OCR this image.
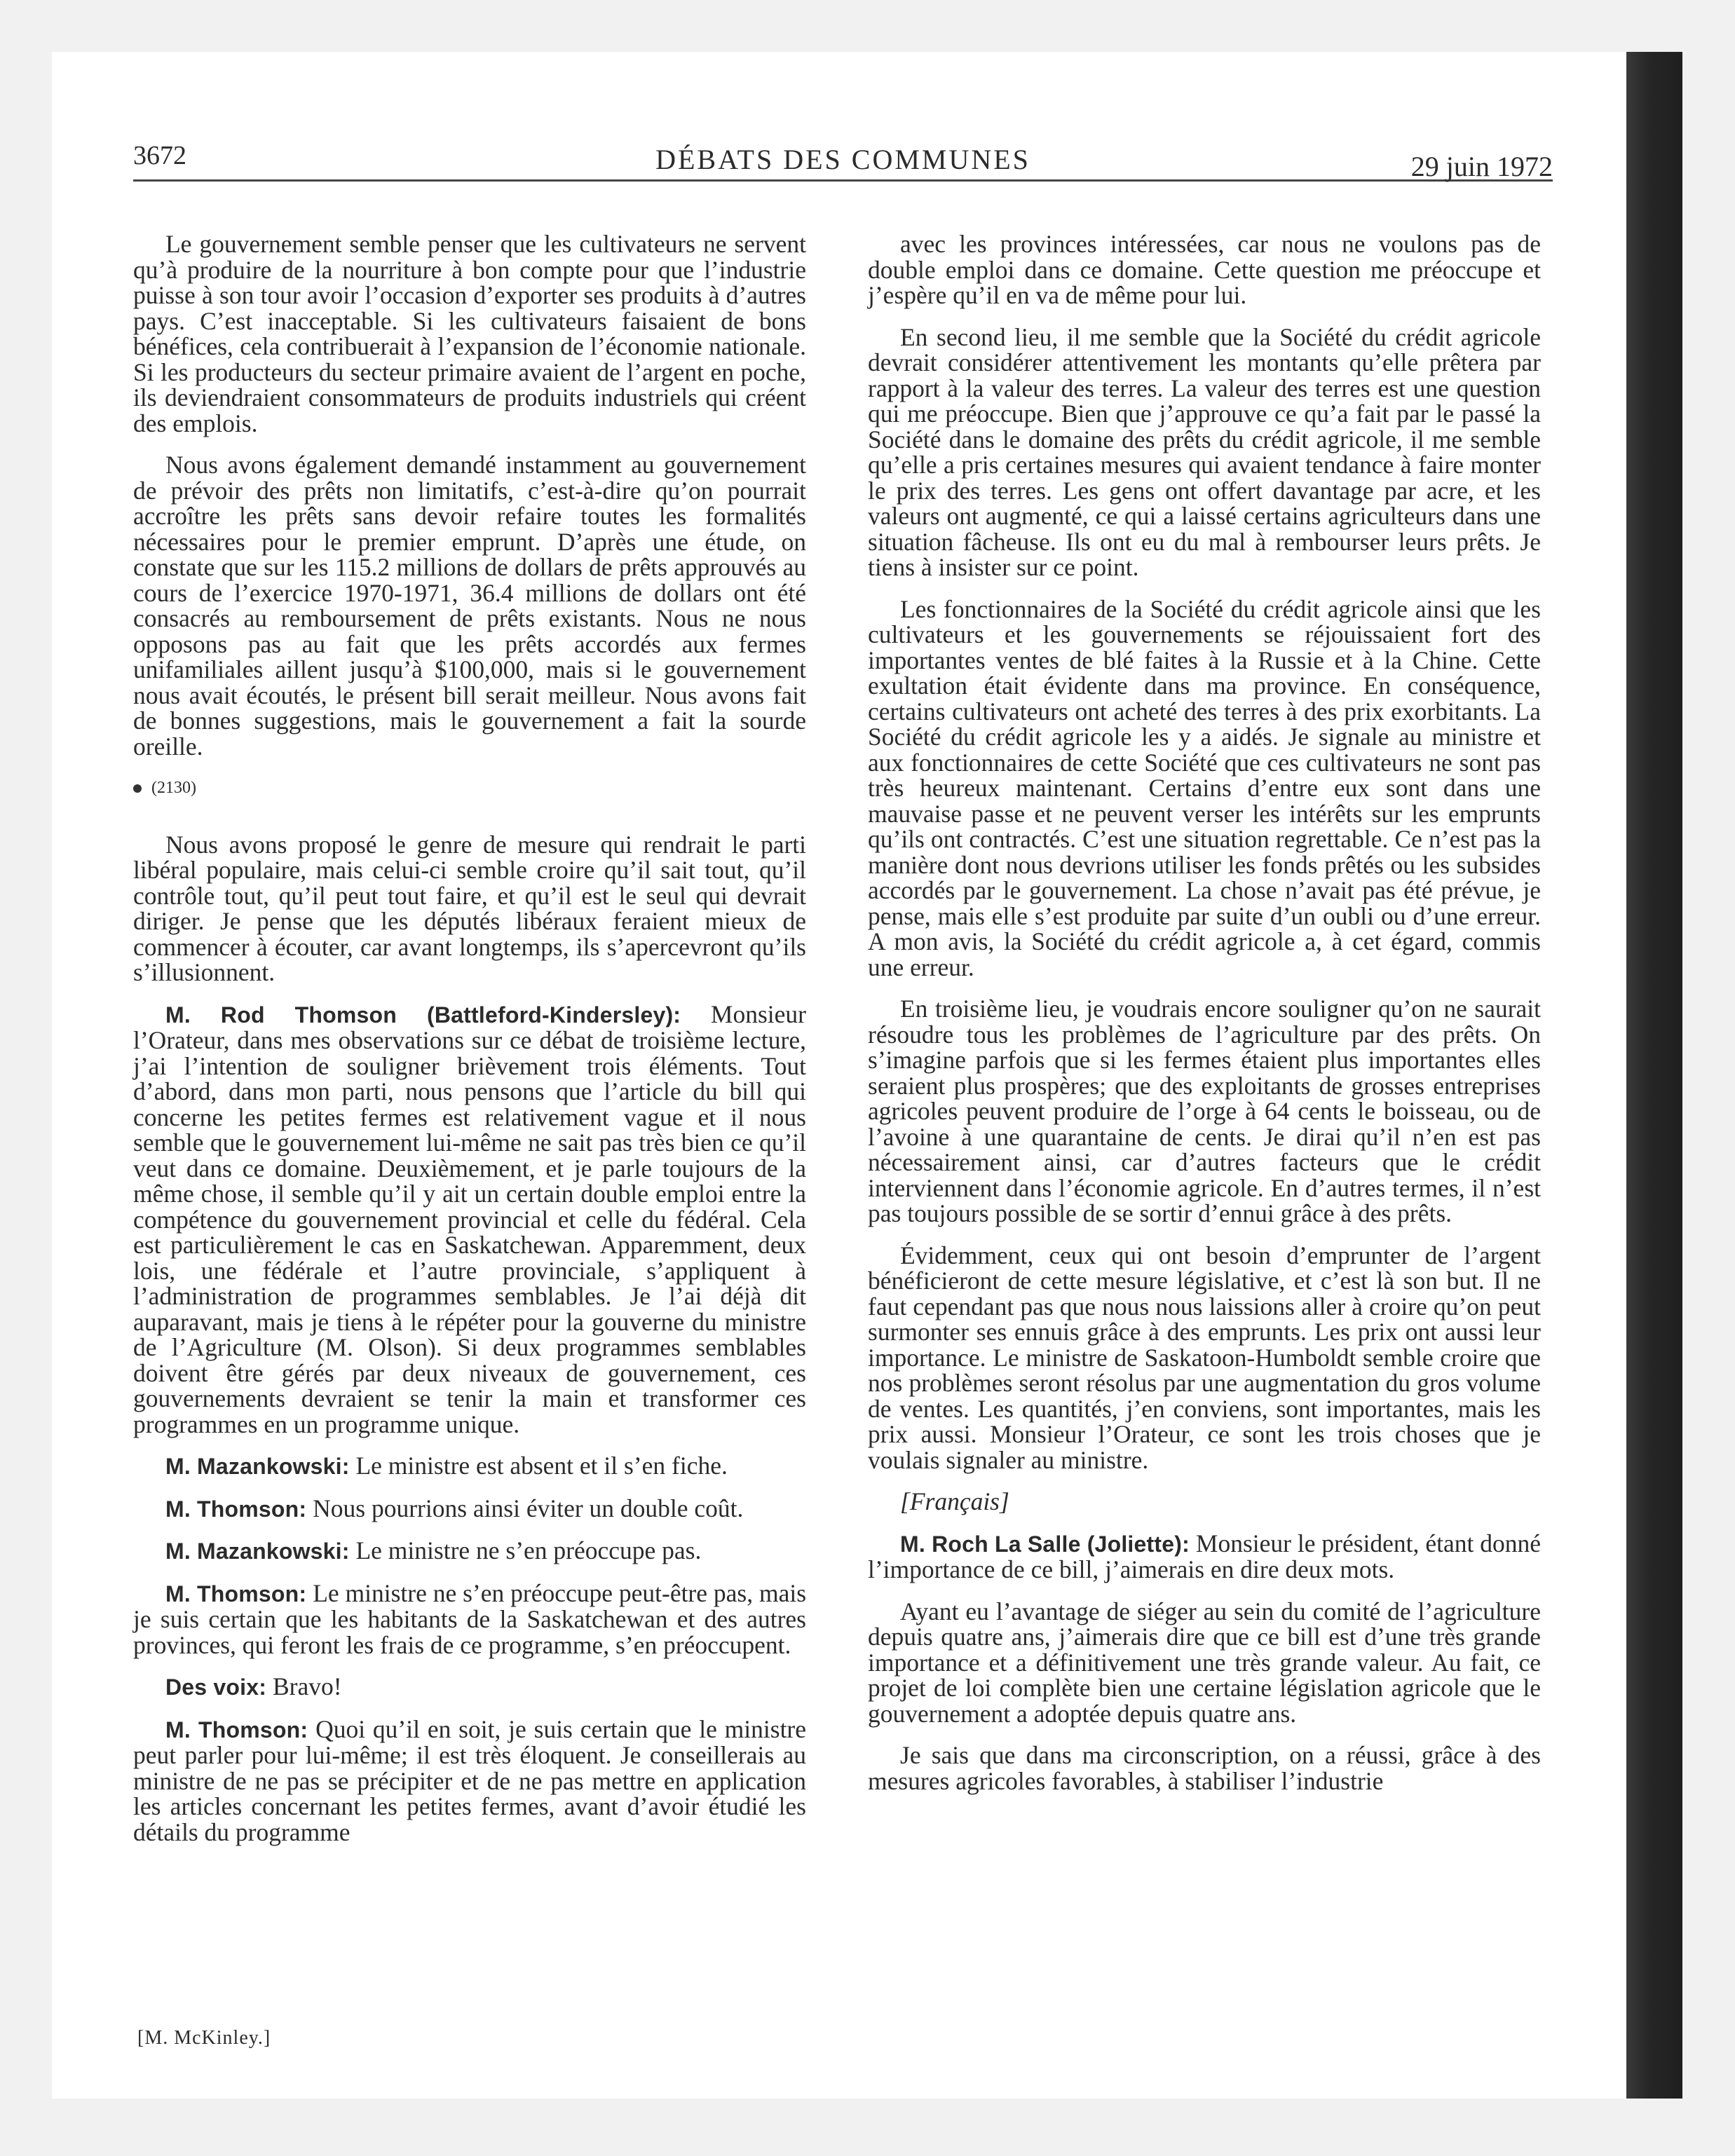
3672	DÉBATS DES COMMUNES	29 juin 1972

Le gouvernement semble penser que les cultivateurs ne servent qu’à produire de la nourriture à bon compte pour que l’industrie puisse à son tour avoir l’occasion d’exporter ses produits à d’autres pays. C’est inacceptable. Si les cultivateurs faisaient de bons bénéfices, cela contribuerait à l’expansion de l’économie nationale. Si les producteurs du secteur primaire avaient de l’argent en poche, ils deviendraient consommateurs de produits industriels qui créent des emplois.

Nous avons également demandé instamment au gouvernement de prévoir des prêts non limitatifs, c’est-à-dire qu’on pourrait accroître les prêts sans devoir refaire toutes les formalités nécessaires pour le premier emprunt. D’après une étude, on constate que sur les 115.2 millions de dollars de prêts approuvés au cours de l’exercice 1970-1971, 36.4 millions de dollars ont été consacrés au remboursement de prêts existants. Nous ne nous opposons pas au fait que les prêts accordés aux fermes unifamiliales aillent jusqu’à $100,000, mais si le gouvernement nous avait écoutés, le présent bill serait meilleur. Nous avons fait de bonnes suggestions, mais le gouvernement a fait la sourde oreille.

(2130)

Nous avons proposé le genre de mesure qui rendrait le parti libéral populaire, mais celui-ci semble croire qu’il sait tout, qu’il contrôle tout, qu’il peut tout faire, et qu’il est le seul qui devrait diriger. Je pense que les députés libéraux feraient mieux de commencer à écouter, car avant longtemps, ils s’apercevront qu’ils s’illusionnent.

M. Rod Thomson (Battleford-Kindersley): Monsieur l’Orateur, dans mes observations sur ce débat de troisième lecture, j’ai l’intention de souligner brièvement trois éléments. Tout d’abord, dans mon parti, nous pensons que l’article du bill qui concerne les petites fermes est relativement vague et il nous semble que le gouvernement lui-même ne sait pas très bien ce qu’il veut dans ce domaine. Deuxièmement, et je parle toujours de la même chose, il semble qu’il y ait un certain double emploi entre la compétence du gouvernement provincial et celle du fédéral. Cela est particulièrement le cas en Saskatchewan. Apparemment, deux lois, une fédérale et l’autre provinciale, s’appliquent à l’administration de programmes semblables. Je l’ai déjà dit auparavant, mais je tiens à le répéter pour la gouverne du ministre de l’Agriculture (M. Olson). Si deux programmes semblables doivent être gérés par deux niveaux de gouvernement, ces gouvernements devraient se tenir la main et transformer ces programmes en un programme unique.

M. Mazankowski: Le ministre est absent et il s’en fiche.

M. Thomson: Nous pourrions ainsi éviter un double coût.

M. Mazankowski: Le ministre ne s’en préoccupe pas.

M. Thomson: Le ministre ne s’en préoccupe peut-être pas, mais je suis certain que les habitants de la Saskatchewan et des autres provinces, qui feront les frais de ce programme, s’en préoccupent.

Des voix: Bravo!

M. Thomson: Quoi qu’il en soit, je suis certain que le ministre peut parler pour lui-même; il est très éloquent. Je conseillerais au ministre de ne pas se précipiter et de ne pas mettre en application les articles concernant les petites fermes, avant d’avoir étudié les détails du programme

[M. McKinley.]

avec les provinces intéressées, car nous ne voulons pas de double emploi dans ce domaine. Cette question me préoccupe et j’espère qu’il en va de même pour lui.

En second lieu, il me semble que la Société du crédit agricole devrait considérer attentivement les montants qu’elle prêtera par rapport à la valeur des terres. La valeur des terres est une question qui me préoccupe. Bien que j’approuve ce qu’a fait par le passé la Société dans le domaine des prêts du crédit agricole, il me semble qu’elle a pris certaines mesures qui avaient tendance à faire monter le prix des terres. Les gens ont offert davantage par acre, et les valeurs ont augmenté, ce qui a laissé certains agriculteurs dans une situation fâcheuse. Ils ont eu du mal à rembourser leurs prêts. Je tiens à insister sur ce point.

Les fonctionnaires de la Société du crédit agricole ainsi que les cultivateurs et les gouvernements se réjouissaient fort des importantes ventes de blé faites à la Russie et à la Chine. Cette exultation était évidente dans ma province. En conséquence, certains cultivateurs ont acheté des terres à des prix exorbitants. La Société du crédit agricole les y a aidés. Je signale au ministre et aux fonctionnaires de cette Société que ces cultivateurs ne sont pas très heureux maintenant. Certains d’entre eux sont dans une mauvaise passe et ne peuvent verser les intérêts sur les emprunts qu’ils ont contractés. C’est une situation regrettable. Ce n’est pas la manière dont nous devrions utiliser les fonds prêtés ou les subsides accordés par le gouvernement. La chose n’avait pas été prévue, je pense, mais elle s’est produite par suite d’un oubli ou d’une erreur. A mon avis, la Société du crédit agricole a, à cet égard, commis une erreur.

En troisième lieu, je voudrais encore souligner qu’on ne saurait résoudre tous les problèmes de l’agriculture par des prêts. On s’imagine parfois que si les fermes étaient plus importantes elles seraient plus prospères; que des exploitants de grosses entreprises agricoles peuvent produire de l’orge à 64 cents le boisseau, ou de l’avoine à une quarantaine de cents. Je dirai qu’il n’en est pas nécessairement ainsi, car d’autres facteurs que le crédit interviennent dans l’économie agricole. En d’autres termes, il n’est pas toujours possible de se sortir d’ennui grâce à des prêts.

Évidemment, ceux qui ont besoin d’emprunter de l’argent bénéficieront de cette mesure législative, et c’est là son but. Il ne faut cependant pas que nous nous laissions aller à croire qu’on peut surmonter ses ennuis grâce à des emprunts. Les prix ont aussi leur importance. Le ministre de Saskatoon-Humboldt semble croire que nos problèmes seront résolus par une augmentation du gros volume de ventes. Les quantités, j’en conviens, sont importantes, mais les prix aussi. Monsieur l’Orateur, ce sont les trois choses que je voulais signaler au ministre.

[Français]

M. Roch La Salle (Joliette): Monsieur le président, étant donné l’importance de ce bill, j’aimerais en dire deux mots.

Ayant eu l’avantage de siéger au sein du comité de l’agriculture depuis quatre ans, j’aimerais dire que ce bill est d’une très grande importance et a définitivement une très grande valeur. Au fait, ce projet de loi complète bien une certaine législation agricole que le gouvernement a adoptée depuis quatre ans.

Je sais que dans ma circonscription, on a réussi, grâce à des mesures agricoles favorables, à stabiliser l’industrie
